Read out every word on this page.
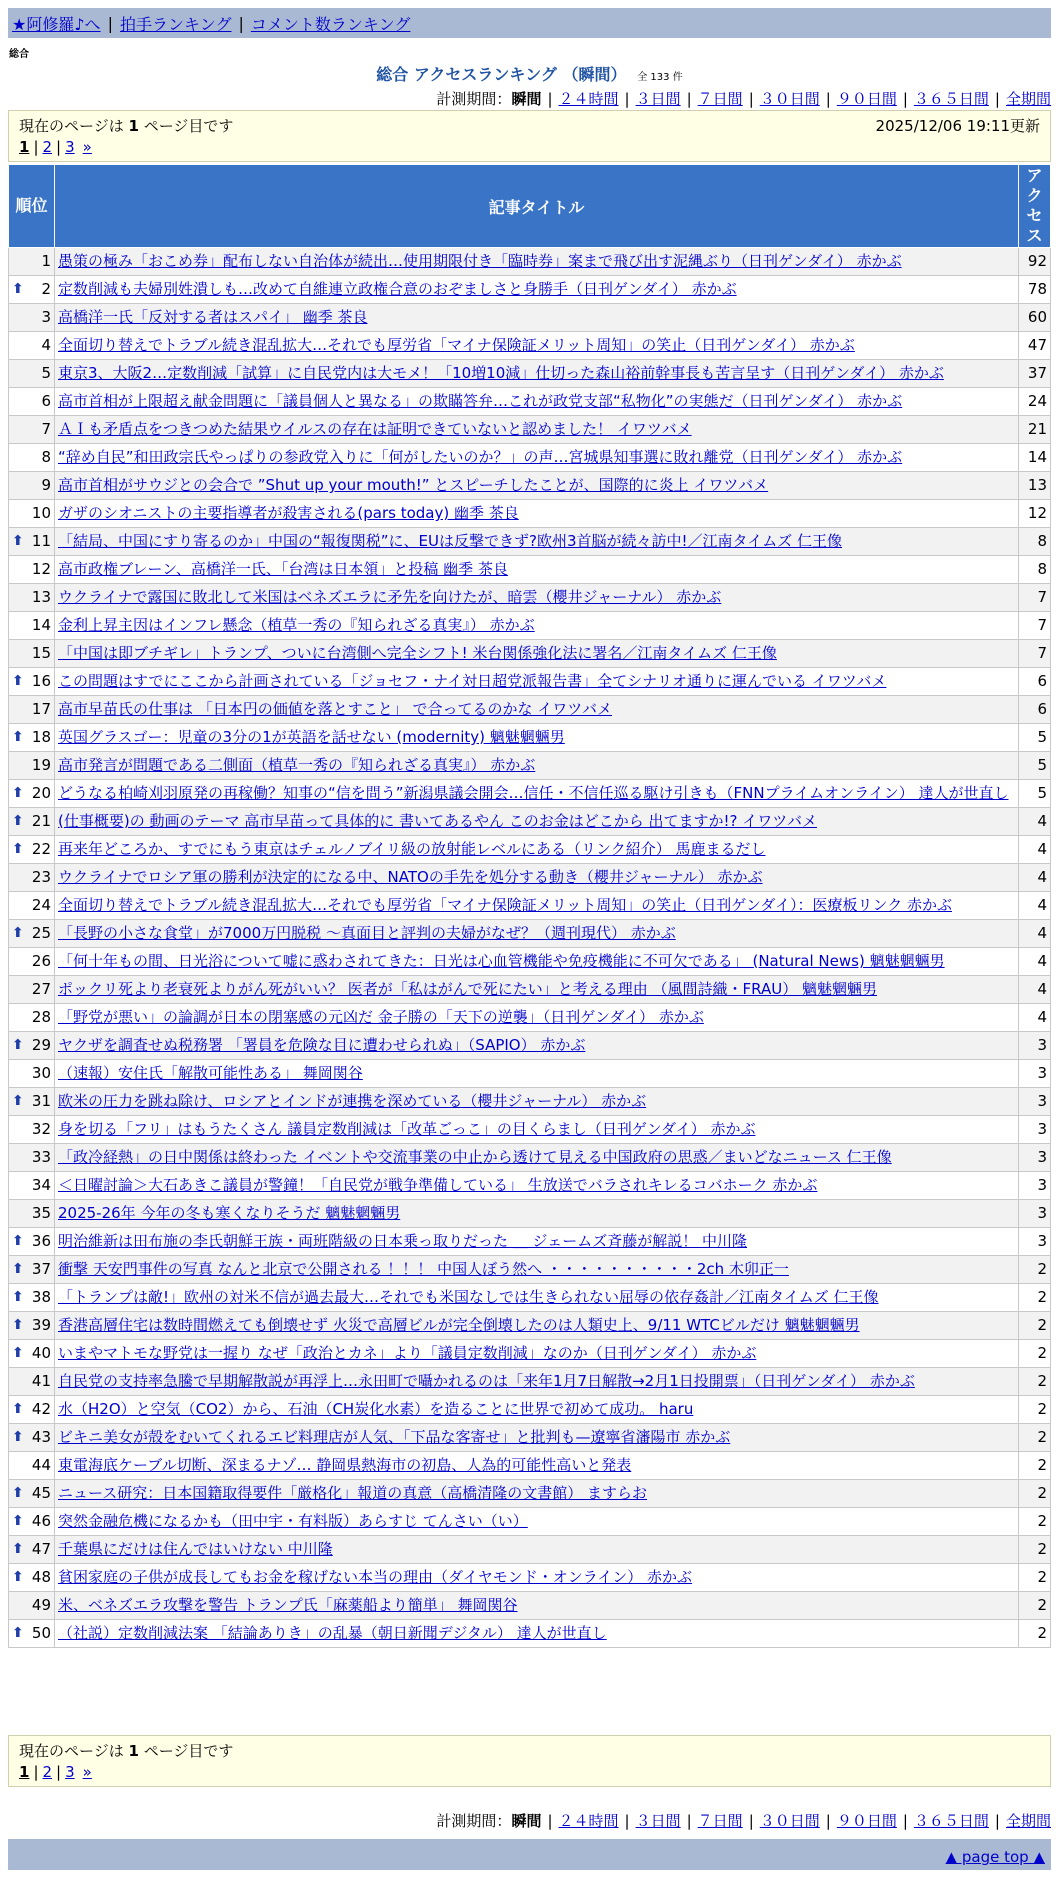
★阿修羅♪へ | 拍手ランキング | コメント数ランキング
総合
総合 アクセスランキング （瞬間） 全 133 件
計測期間：瞬間 | ２４時間 | ３日間 | ７日間 | ３０日間 | ９０日間 | ３６５日間 | 全期間
現在のページは 1 ページ目です	2025/12/06 19:11更新
1 | 2 | 3 »
順位	記事タイトル	アクセス
1	愚策の極み「おこめ券」配布しない自治体が続出…使用期限付き「臨時券」案まで飛び出す泥縄ぶり（日刊ゲンダイ） 赤かぶ	92

⬆ 2	定数削減も夫婦別姓潰しも…改めて自維連立政権合意のおぞましさと身勝手（日刊ゲンダイ） 赤かぶ	78
3	高橋洋一氏「反対する者はスパイ」 幽季 茶良	60
4	全面切り替えでトラブル続き混乱拡大…それでも厚労省「マイナ保険証メリット周知」の笑止（日刊ゲンダイ） 赤かぶ	47
5	東京3、大阪2…定数削減「試算」に自民党内は大モメ！「10増10減」仕切った森山裕前幹事長も苦言呈す（日刊ゲンダイ） 赤かぶ	37
6	高市首相が上限超え献金問題に「議員個人と異なる」の欺瞞答弁…これが政党支部“私物化”の実態だ（日刊ゲンダイ） 赤かぶ	24
7	ＡＩも矛盾点をつきつめた結果ウイルスの存在は証明できていないと認めました！ イワツバメ	21
8	“辞め自民”和田政宗氏やっぱりの参政党入りに「何がしたいのか？」の声…宮城県知事選に敗れ離党（日刊ゲンダイ） 赤かぶ	14
9	高市首相がサウジとの会合で ”Shut up your mouth!” とスピーチしたことが、国際的に炎上 イワツバメ	13
10	ガザのシオニストの主要指導者が殺害される(pars today) 幽季 茶良	12

⬆ 11	「結局、中国にすり寄るのか」中国の“報復関税”に、EUは反撃できず?欧州3首脳が続々訪中!／江南タイムズ 仁王像	8
12	高市政権ブレーン、高橋洋一氏、「台湾は日本領」と投稿 幽季 茶良	8
13	ウクライナで露国に敗北して米国はベネズエラに矛先を向けたが、暗雲（櫻井ジャーナル） 赤かぶ	7
14	金利上昇主因はインフレ懸念（植草一秀の『知られざる真実』） 赤かぶ	7
15	「中国は即ブチギレ」トランプ、ついに台湾側へ完全シフト! 米台関係強化法に署名／江南タイムズ 仁王像	7

⬆ 16	この問題はすでにここから計画されている「ジョセフ・ナイ対日超党派報告書」全てシナリオ通りに運んでいる イワツバメ	6
17	高市早苗氏の仕事は 「日本円の価値を落とすこと」 で合ってるのかな イワツバメ	6

⬆ 18	英国グラスゴー：児童の3分の1が英語を話せない (modernity) 魑魅魍魎男	5
19	高市発言が問題である二側面（植草一秀の『知られざる真実』） 赤かぶ	5

⬆ 20	どうなる柏崎刈羽原発の再稼働？知事の“信を問う”新潟県議会開会…信任・不信任巡る駆け引きも（FNNプライムオンライン） 達人が世直し	5

⬆ 21	(仕事概要)の 動画のテーマ 高市早苗って具体的に 書いてあるやん このお金はどこから 出てますか!? イワツバメ	4

⬆ 22	再来年どころか、すでにもう東京はチェルノブイリ級の放射能レベルにある（リンク紹介） 馬鹿まるだし	4
23	ウクライナでロシア軍の勝利が決定的になる中、NATOの手先を処分する動き（櫻井ジャーナル） 赤かぶ	4
24	全面切り替えでトラブル続き混乱拡大…それでも厚労省「マイナ保険証メリット周知」の笑止（日刊ゲンダイ）：医療板リンク 赤かぶ	4

⬆ 25	「長野の小さな食堂」が7000万円脱税 ～真面目と評判の夫婦がなぜ？（週刊現代） 赤かぶ	4
26	「何十年もの間、日光浴について嘘に惑わされてきた：日光は心血管機能や免疫機能に不可欠である」 (Natural News) 魑魅魍魎男	4
27	ポックリ死より老衰死よりがん死がいい？ 医者が「私はがんで死にたい」と考える理由 （風間詩織・FRAU） 魑魅魍魎男	4
28	「野党が悪い」の論調が日本の閉塞感の元凶だ 金子勝の「天下の逆襲」（日刊ゲンダイ） 赤かぶ	4

⬆ 29	ヤクザを調査せぬ税務署 「署員を危険な目に遭わせられぬ」（SAPIO） 赤かぶ	3
30	（速報）安住氏「解散可能性ある」 舞岡関谷	3

⬆ 31	欧米の圧力を跳ね除け、ロシアとインドが連携を深めている（櫻井ジャーナル） 赤かぶ	3
32	身を切る「フリ」はもうたくさん 議員定数削減は「改革ごっこ」の目くらまし（日刊ゲンダイ） 赤かぶ	3
33	「政冷経熱」の日中関係は終わった イベントや交流事業の中止から透けて見える中国政府の思惑／まいどなニュース 仁王像	3
34	＜日曜討論＞大石あきこ議員が警鐘！「自民党が戦争準備している」 生放送でバラされキレるコバホーク 赤かぶ	3
35	2025-26年 今年の冬も寒くなりそうだ 魑魅魍魎男	3

⬆ 36	明治維新は田布施の李氏朝鮮王族・両班階級の日本乗っ取りだった ＿ ジェームズ斉藤が解説！ 中川隆	3

⬆ 37	衝撃 天安門事件の写真 なんと北京で公開される ！！！ 中国人ぼう然へ ・・・・・・・・・・2ch 木卯正一	2

⬆ 38	「トランプは敵!」欧州の対米不信が過去最大…それでも米国なしでは生きられない屈辱の依存姦計／江南タイムズ 仁王像	2

⬆ 39	香港高層住宅は数時間燃えても倒壊せず 火災で高層ビルが完全倒壊したのは人類史上、9/11 WTCビルだけ 魑魅魍魎男	2

⬆ 40	いまやマトモな野党は一握り なぜ「政治とカネ」より「議員定数削減」なのか（日刊ゲンダイ） 赤かぶ	2
41	自民党の支持率急騰で早期解散説が再浮上…永田町で囁かれるのは「来年1月7日解散→2月1日投開票」（日刊ゲンダイ） 赤かぶ	2

⬆ 42	水（H2O）と空気（CO2）から、石油（CH炭化水素）を造ることに世界で初めて成功。 haru	2

⬆ 43	ビキニ美女が殻をむいてくれるエビ料理店が人気、「下品な客寄せ」と批判も—遼寧省瀋陽市 赤かぶ	2
44	東電海底ケーブル切断、深まるナゾ… 静岡県熱海市の初島、人為的可能性高いと発表	2

⬆ 45	ニュース研究：日本国籍取得要件「厳格化」報道の真意（高橋清隆の文書館） ますらお	2

⬆ 46	突然金融危機になるかも（田中宇・有料版）あらすじ てんさい（い）	2

⬆ 47	千葉県にだけは住んではいけない 中川隆	2

⬆ 48	貧困家庭の子供が成長してもお金を稼げない本当の理由（ダイヤモンド・オンライン） 赤かぶ	2
49	米、ベネズエラ攻撃を警告 トランプ氏「麻薬船より簡単」 舞岡関谷	2

⬆ 50	（社説）定数削減法案 「結論ありき」の乱暴（朝日新聞デジタル） 達人が世直し	2
現在のページは 1 ページ目です
1 | 2 | 3 »
計測期間：瞬間 | ２４時間 | ３日間 | ７日間 | ３０日間 | ９０日間 | ３６５日間 | 全期間
▲ page top ▲
